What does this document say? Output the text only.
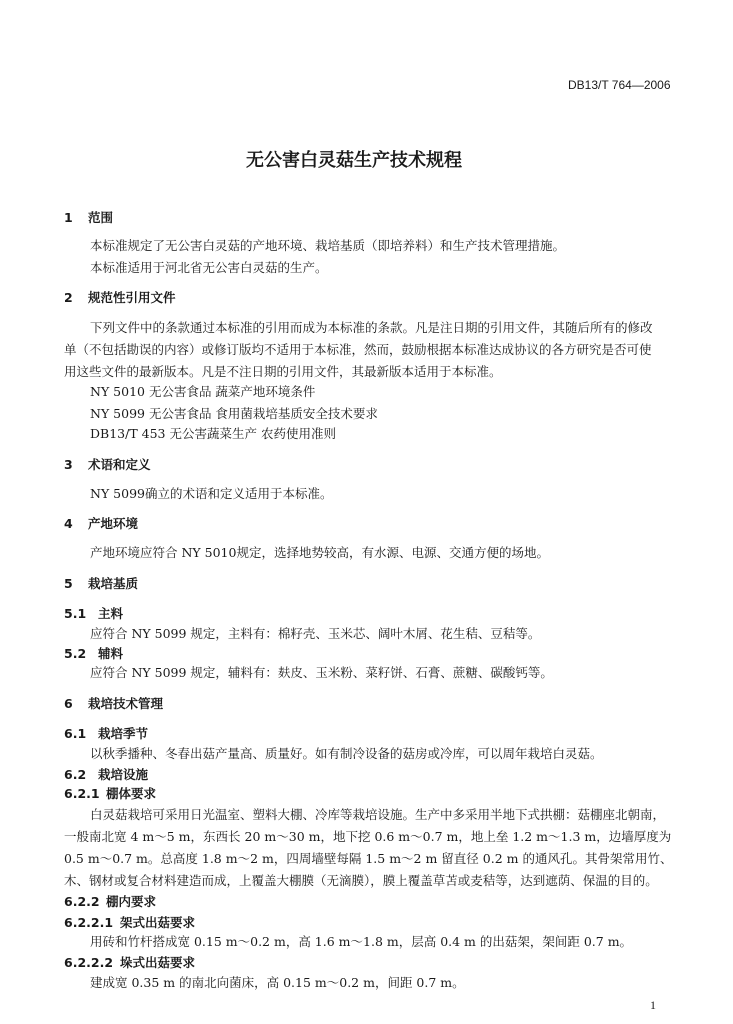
DB13/T 764—2006
无公害白灵菇生产技术规程
1 范围
本标准规定了无公害白灵菇的产地环境、栽培基质（即培养料）和生产技术管理措施。
本标准适用于河北省无公害白灵菇的生产。
2 规范性引用文件
下列文件中的条款通过本标准的引用而成为本标准的条款。凡是注日期的引用文件，其随后所有的修改
单（不包括勘误的内容）或修订版均不适用于本标准，然而，鼓励根据本标准达成协议的各方研究是否可使
用这些文件的最新版本。凡是不注日期的引用文件，其最新版本适用于本标准。
NY 5010 无公害食品 蔬菜产地环境条件
NY 5099 无公害食品 食用菌栽培基质安全技术要求
DB13/T 453 无公害蔬菜生产 农药使用准则
3 术语和定义
NY 5099确立的术语和定义适用于本标准。
4 产地环境
产地环境应符合 NY 5010规定，选择地势较高，有水源、电源、交通方便的场地。
5 栽培基质
5.1 主料
应符合 NY 5099 规定，主料有：棉籽壳、玉米芯、阔叶木屑、花生秸、豆秸等。
5.2 辅料
应符合 NY 5099 规定，辅料有：麸皮、玉米粉、菜籽饼、石膏、蔗糖、碳酸钙等。
6 栽培技术管理
6.1 栽培季节
以秋季播种、冬春出菇产量高、质量好。如有制冷设备的菇房或冷库，可以周年栽培白灵菇。
6.2 栽培设施
6.2.1 棚体要求
白灵菇栽培可采用日光温室、塑料大棚、冷库等栽培设施。生产中多采用半地下式拱棚：菇棚座北朝南，
一般南北宽 4 m～5 m，东西长 20 m～30 m，地下挖 0.6 m～0.7 m，地上垒 1.2 m～1.3 m，边墙厚度为
0.5 m～0.7 m。总高度 1.8 m～2 m，四周墙壁每隔 1.5 m～2 m 留直径 0.2 m 的通风孔。其骨架常用竹、
木、钢材或复合材料建造而成，上覆盖大棚膜（无滴膜），膜上覆盖草苫或麦秸等，达到遮荫、保温的目的。
6.2.2 棚内要求
6.2.2.1 架式出菇要求
用砖和竹杆搭成宽 0.15 m～0.2 m，高 1.6 m～1.8 m，层高 0.4 m 的出菇架，架间距 0.7 m。
6.2.2.2 垛式出菇要求
建成宽 0.35 m 的南北向菌床，高 0.15 m～0.2 m，间距 0.7 m。
1
